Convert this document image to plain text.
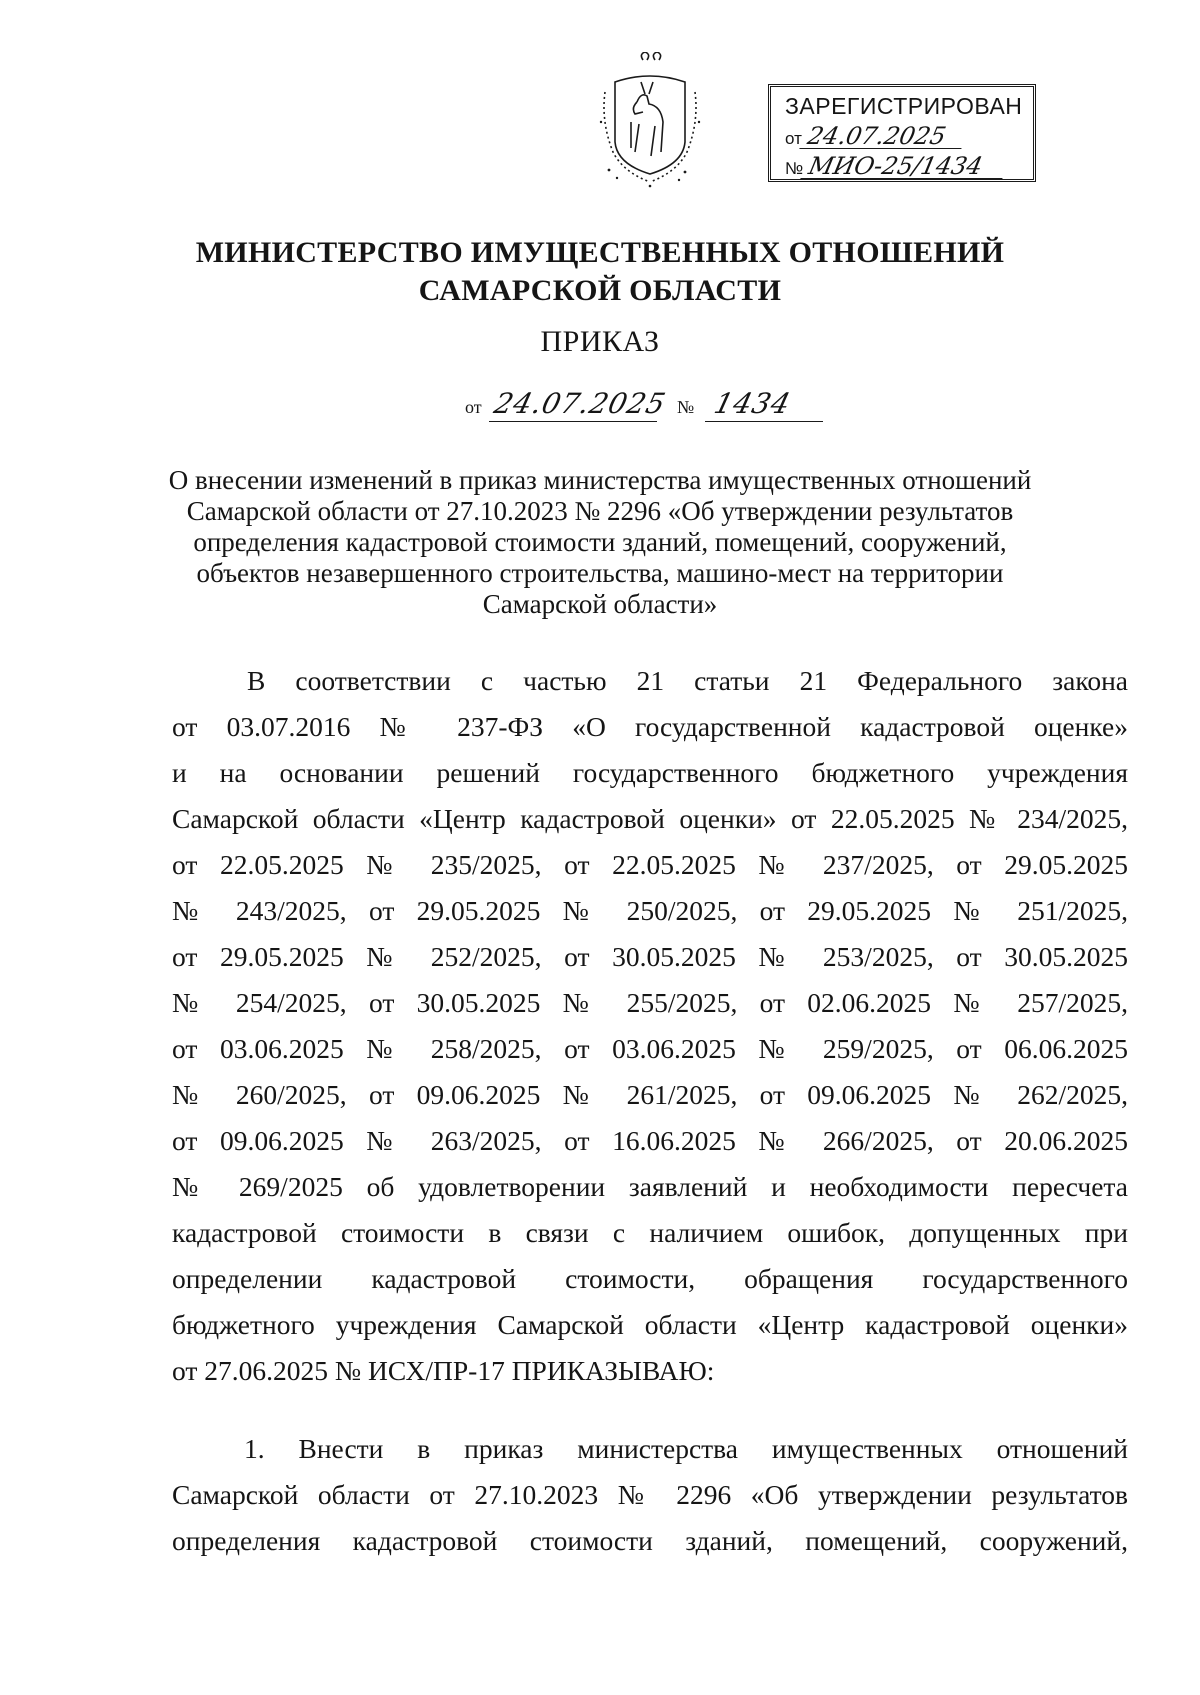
ЗАРЕГИСТРИРОВАН
от 24.07.2025
№ МИО-25/1434
МИНИСТЕРСТВО ИМУЩЕСТВЕННЫХ ОТНОШЕНИЙ
САМАРСКОЙ ОБЛАСТИ
ПРИКАЗ
от 24.07.2025 № 1434
О внесении изменений в приказ министерства имущественных отношений
Самарской области от 27.10.2023 № 2296 «Об утверждении результатов
определения кадастровой стоимости зданий, помещений, сооружений,
объектов незавершенного строительства, машино-мест на территории
Самарской области»
В соответствии с частью 21 статьи 21 Федерального закона
от 03.07.2016 № 237-ФЗ «О государственной кадастровой оценке»
и на основании решений государственного бюджетного учреждения
Самарской области «Центр кадастровой оценки» от 22.05.2025 № 234/2025,
от 22.05.2025 № 235/2025, от 22.05.2025 № 237/2025, от 29.05.2025
№ 243/2025, от 29.05.2025 № 250/2025, от 29.05.2025 № 251/2025,
от 29.05.2025 № 252/2025, от 30.05.2025 № 253/2025, от 30.05.2025
№ 254/2025, от 30.05.2025 № 255/2025, от 02.06.2025 № 257/2025,
от 03.06.2025 № 258/2025, от 03.06.2025 № 259/2025, от 06.06.2025
№ 260/2025, от 09.06.2025 № 261/2025, от 09.06.2025 № 262/2025,
от 09.06.2025 № 263/2025, от 16.06.2025 № 266/2025, от 20.06.2025
№ 269/2025 об удовлетворении заявлений и необходимости пересчета
кадастровой стоимости в связи с наличием ошибок, допущенных при
определении кадастровой стоимости, обращения государственного
бюджетного учреждения Самарской области «Центр кадастровой оценки»
от 27.06.2025 № ИСХ/ПР-17 ПРИКАЗЫВАЮ:
1. Внести в приказ министерства имущественных отношений
Самарской области от 27.10.2023 № 2296 «Об утверждении результатов
определения кадастровой стоимости зданий, помещений, сооружений,
